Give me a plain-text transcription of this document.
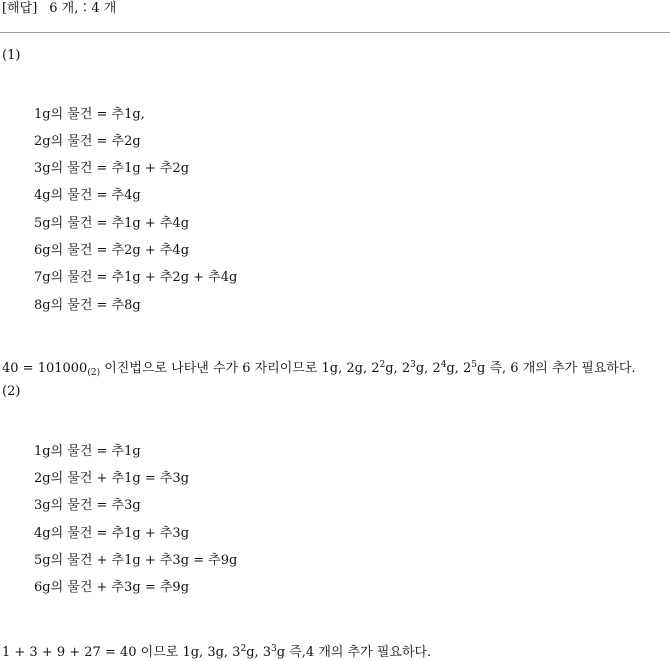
[해답] 6 개,∶4 개
(1)
1g의 물건 = 추1g,
2g의 물건 = 추2g
3g의 물건 = 추1g + 추2g
4g의 물건 = 추4g
5g의 물건 = 추1g + 추4g
6g의 물건 = 추2g + 추4g
7g의 물건 = 추1g + 추2g + 추4g
8g의 물건 = 추8g
$40 = 101000_{(2)}$ 이진법으로 나타낸 수가 6 자리이므로 1g, 2g, $2^2g$, $2^3g$, $2^4g$, $2^5g$ 즉, 6 개의 추가 필요하다.
(2)
1g의 물건 = 추1g
2g의 물건 + 추1g = 추3g
3g의 물건 = 추3g
4g의 물건 = 추1g + 추3g
5g의 물건 + 추1g + 추3g = 추9g
6g의 물건 + 추3g = 추9g
1 + 3 + 9 + 27 = 40 이므로 1g, 3g, $3^2g$, $3^3g$ 즉,4 개의 추가 필요하다.
